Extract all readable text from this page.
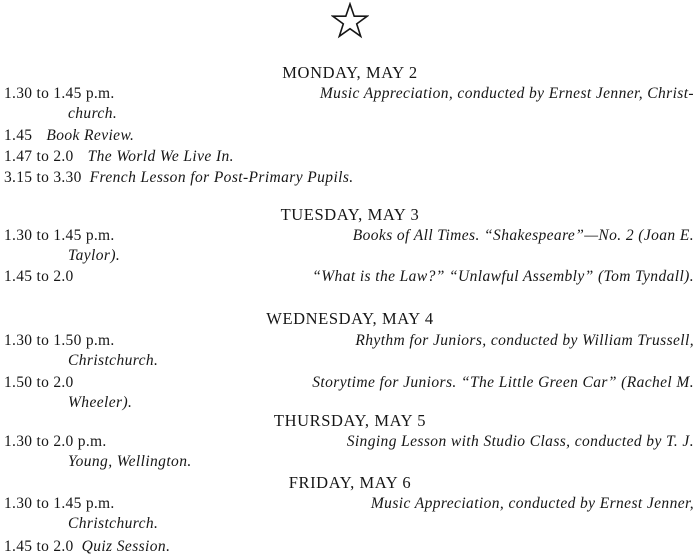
MONDAY, MAY 2
1.30 to 1.45 p.m.	Music Appreciation, conducted by Ernest Jenner, Christ-
church.
1.45 Book Review.
1.47 to 2.0 The World We Live In.
3.15 to 3.30 French Lesson for Post-Primary Pupils.
TUESDAY, MAY 3
1.30 to 1.45 p.m.	Books of All Times. “Shakespeare”—No. 2 (Joan E.
Taylor).
1.45 to 2.0	“What is the Law?” “Unlawful Assembly” (Tom Tyndall).
WEDNESDAY, MAY 4
1.30 to 1.50 p.m.	Rhythm for Juniors, conducted by William Trussell,
Christchurch.
1.50 to 2.0	Storytime for Juniors. “The Little Green Car” (Rachel M.
Wheeler).
THURSDAY, MAY 5
1.30 to 2.0 p.m.	Singing Lesson with Studio Class, conducted by T. J.
Young, Wellington.
FRIDAY, MAY 6
1.30 to 1.45 p.m.	Music Appreciation, conducted by Ernest Jenner,
Christchurch.
1.45 to 2.0 Quiz Session.
